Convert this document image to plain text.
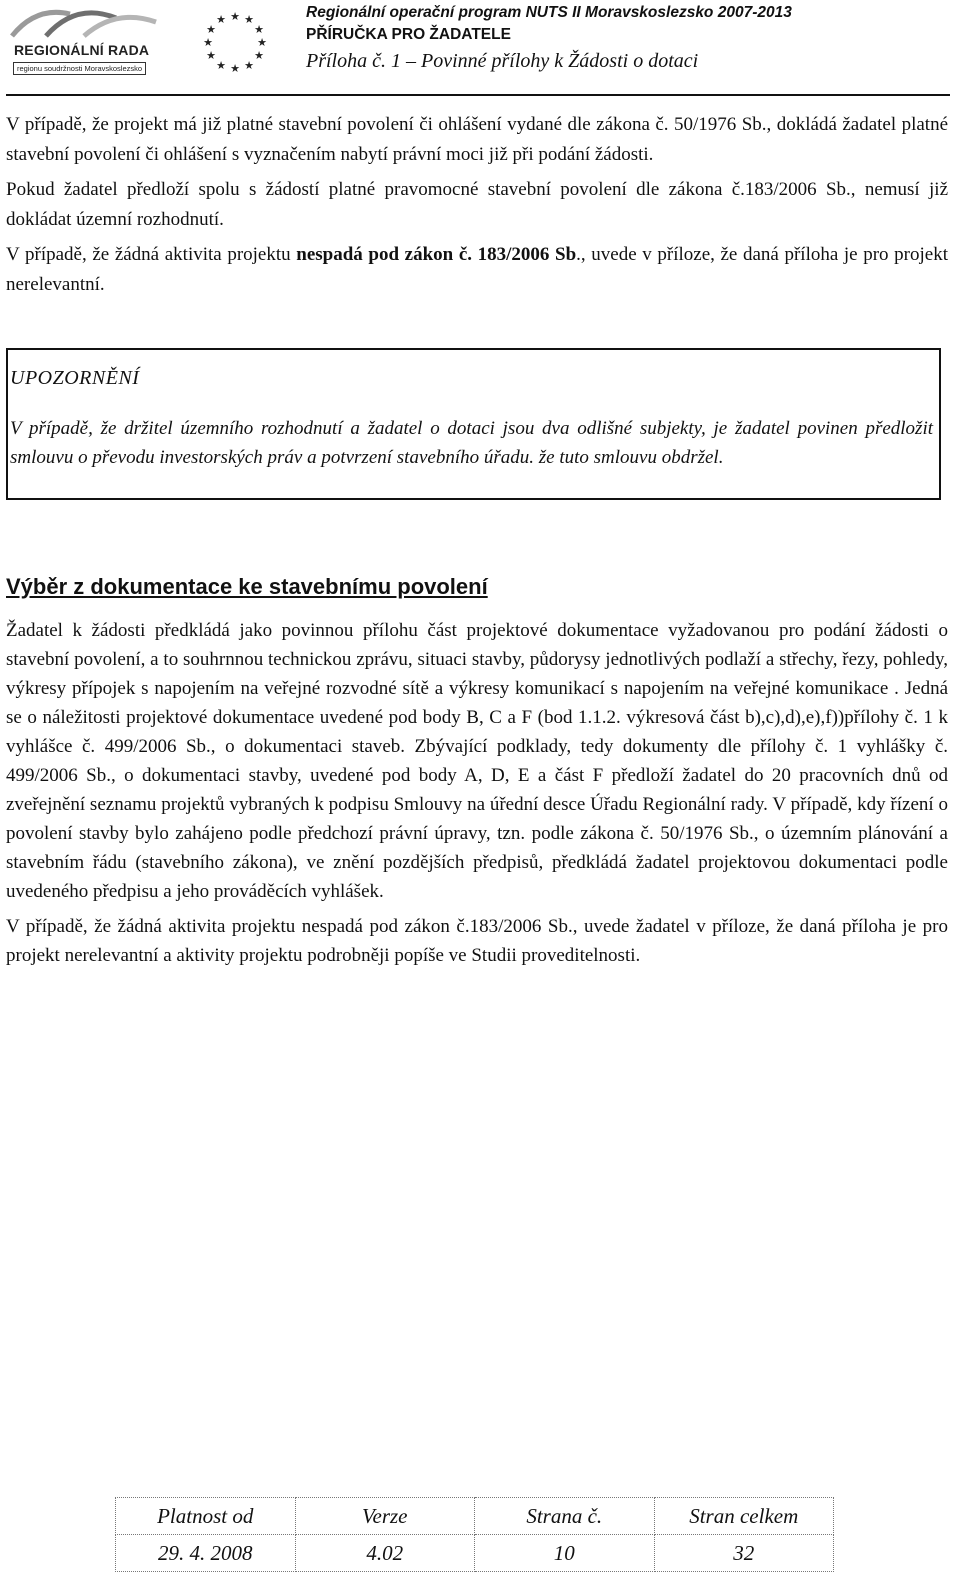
REGIONÁLNÍ RADA
regionu soudržnosti Moravskoslezsko
★ ★
★
★
★
★
★
★
★
★
★
★	Regionální operační program NUTS II Moravskoslezsko 2007-2013
PŘÍRUČKA PRO ŽADATELE
Příloha č. 1 – Povinné přílohy k Žádosti o dotaci

V případě, že projekt má již platné stavební povolení či ohlášení vydané dle zákona č. 50/1976 Sb., dokládá žadatel platné stavební povolení či ohlášení s vyznačením nabytí právní moci již při podání žádosti.

Pokud žadatel předloží spolu s žádostí platné pravomocné stavební povolení dle zákona č.183/2006 Sb., nemusí již dokládat územní rozhodnutí.

V případě, že žádná aktivita projektu nespadá pod zákon č. 183/2006 Sb., uvede v příloze, že daná příloha je pro projekt nerelevantní.

UPOZORNĚNÍ

V případě, že držitel územního rozhodnutí a žadatel o dotaci jsou dva odlišné subjekty, je žadatel povinen předložit smlouvu o převodu investorských práv a potvrzení stavebního úřadu. že tuto smlouvu obdržel.

Výběr z dokumentace ke stavebnímu povolení

Žadatel k žádosti předkládá jako povinnou přílohu část projektové dokumentace vyžadovanou pro podání žádosti o stavební povolení, a to souhrnnou technickou zprávu, situaci stavby, půdorysy jednotlivých podlaží a střechy, řezy, pohledy, výkresy přípojek s napojením na veřejné rozvodné sítě a výkresy komunikací s napojením na veřejné komunikace . Jedná se o náležitosti projektové dokumentace uvedené pod body B, C a F (bod 1.1.2. výkresová část b),c),d),e),f))přílohy č. 1 k vyhlášce č. 499/2006 Sb., o dokumentaci staveb. Zbývající podklady, tedy dokumenty dle přílohy č. 1 vyhlášky č. 499/2006 Sb., o dokumentaci stavby, uvedené pod body A, D, E a část F předloží žadatel do 20 pracovních dnů od zveřejnění seznamu projektů vybraných k podpisu Smlouvy na úřední desce Úřadu Regionální rady. V případě, kdy řízení o povolení stavby bylo zahájeno podle předchozí právní úpravy, tzn. podle zákona č. 50/1976 Sb., o územním plánování a stavebním řádu (stavebního zákona), ve znění pozdějších předpisů, předkládá žadatel projektovou dokumentaci podle uvedeného předpisu a jeho prováděcích vyhlášek.

V případě, že žádná aktivita projektu nespadá pod zákon č.183/2006 Sb., uvede žadatel v příloze, že daná příloha je pro projekt nerelevantní a aktivity projektu podrobněji popíše ve Studii proveditelnosti.

Platnost od	Verze	Strana č.	Stran celkem
29. 4. 2008	4.02	10	32
